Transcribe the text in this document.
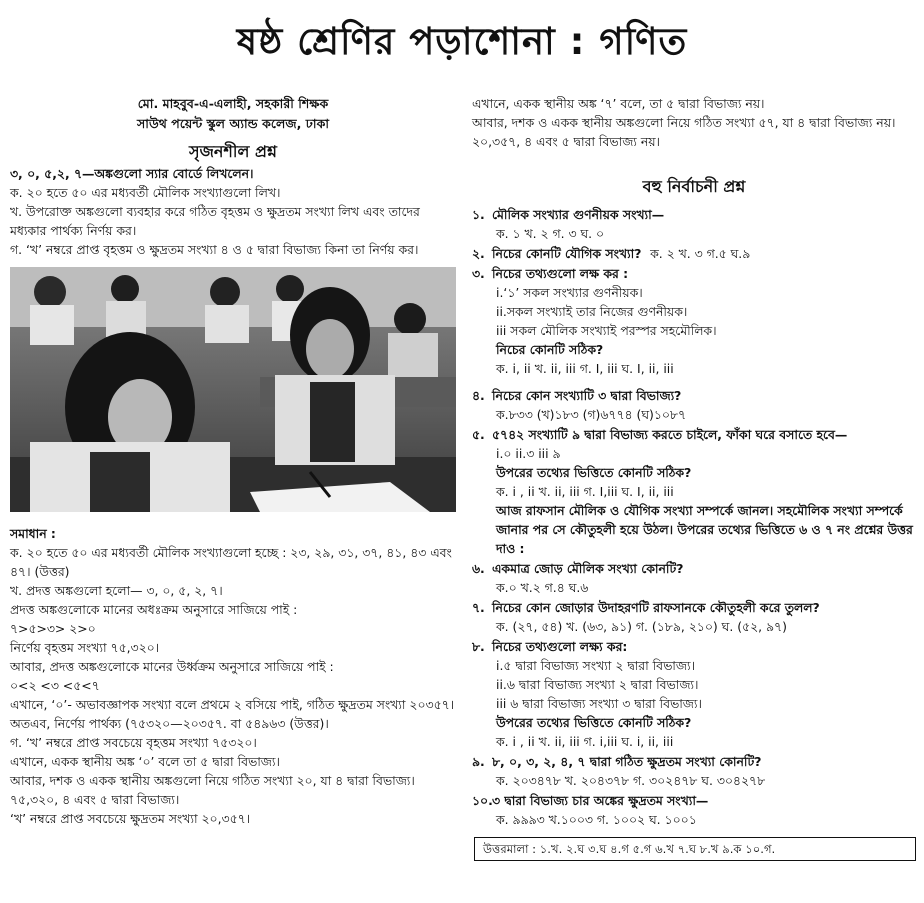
ষষ্ঠ শ্রেণির পড়াশোনা : গণিত
মো. মাহবুব-এ-এলাহী, সহকারী শিক্ষক
সাউথ পয়েন্ট স্কুল অ্যান্ড কলেজ, ঢাকা
সৃজনশীল প্রশ্ন
৩, ০, ৫,২, ৭—অঙ্কগুলো স্যার বোর্ডে লিখলেন।
ক. ২০ হতে ৫০ এর মধ্যবর্তী মৌলিক সংখ্যাগুলো লিখ।
খ. উপরোক্ত অঙ্কগুলো ব্যবহার করে গঠিত বৃহত্তম ও ক্ষুদ্রতম সংখ্যা লিখ এবং তাদের মধ্যকার পার্থক্য নির্ণয় কর।
গ. ‘খ’ নম্বরে প্রাপ্ত বৃহত্তম ও ক্ষুদ্রতম সংখ্যা ৪ ও ৫ দ্বারা বিভাজ্য কিনা তা নির্ণয় কর।
সমাধান :
ক. ২০ হতে ৫০ এর মধ্যবর্তী মৌলিক সংখ্যাগুলো হচ্ছে : ২৩, ২৯, ৩১, ৩৭, ৪১, ৪৩ এবং ৪৭। (উত্তর)
খ. প্রদত্ত অঙ্কগুলো হলো— ৩, ০, ৫, ২, ৭।
প্রদত্ত অঙ্কগুলোকে মানের অধঃক্রম অনুসারে সাজিয়ে পাই :
৭>৫>৩> ২>০
নির্ণেয় বৃহত্তম সংখ্যা ৭৫,৩২০।
আবার, প্রদত্ত অঙ্কগুলোকে মানের উর্ধ্বক্রম অনুসারে সাজিয়ে পাই :
০<২ <৩ <৫<৭
এখানে, ‘০’- অভাবজ্ঞাপক সংখ্যা বলে প্রথমে ২ বসিয়ে পাই, গঠিত ক্ষুদ্রতম সংখ্যা ২০৩৫৭।
অতএব, নির্ণেয় পার্থক্য (৭৫৩২০—২০৩৫৭. বা ৫৪৯৬৩ (উত্তর)।
গ. ‘খ’ নম্বরে প্রাপ্ত সবচেয়ে বৃহত্তম সংখ্যা ৭৫৩২০।
এখানে, একক স্থানীয় অঙ্ক ‘০’ বলে তা ৫ দ্বারা বিভাজ্য।
আবার, দশক ও একক স্থানীয় অঙ্কগুলো নিয়ে গঠিত সংখ্যা ২০, যা ৪ দ্বারা বিভাজ্য। ৭৫,৩২০, ৪ এবং ৫ দ্বারা বিভাজ্য।
‘খ’ নম্বরে প্রাপ্ত সবচেয়ে ক্ষুদ্রতম সংখ্যা ২০,৩৫৭।
এখানে, একক স্থানীয় অঙ্ক ‘৭’ বলে, তা ৫ দ্বারা বিভাজ্য নয়।
আবার, দশক ও একক স্থানীয় অঙ্কগুলো নিয়ে গঠিত সংখ্যা ৫৭, যা ৪ দ্বারা বিভাজ্য নয়।
২০,৩৫৭, ৪ এবং ৫ দ্বারা বিভাজ্য নয়।
বহু নির্বাচনী প্রশ্ন
১. মৌলিক সংখ্যার গুণনীয়ক সংখ্যা—
ক. ১ খ. ২ গ. ৩ ঘ. ০
২. নিচের কোনটি যৌগিক সংখ্যা?
ক. ২ খ. ৩ গ.৫ ঘ.৯
৩. নিচের তথ্যগুলো লক্ষ কর :
i.‘১’ সকল সংখ্যার গুণনীয়ক।
ii.সকল সংখ্যাই তার নিজের গুণনীয়ক।
iii সকল মৌলিক সংখ্যাই পরস্পর সহমৌলিক।
নিচের কোনটি সঠিক?
ক. i, ii খ. ii, iii গ. I, iii ঘ. I, ii, iii
৪. নিচের কোন সংখ্যাটি ৩ দ্বারা বিভাজ্য?
ক.৮৩৩ (খ)১৮৩ (গ)৬৭৭৪ (ঘ)১০৮৭
৫. ৫৭৪২ সংখ্যাটি ৯ দ্বারা বিভাজ্য করতে চাইলে, ফাঁকা ঘরে বসাতে হবে—
i.০ ii.৩ iii ৯
উপরের তথ্যের ভিত্তিতে কোনটি সঠিক?
ক. i , ii খ. ii, iii গ. I,iii ঘ. I, ii, iii
আজ রাফসান মৌলিক ও যৌগিক সংখ্যা সম্পর্কে জানল। সহমৌলিক সংখ্যা সম্পর্কে জানার পর সে কৌতুহলী হয়ে উঠল। উপরের তথ্যের ভিত্তিতে ৬ ও ৭ নং প্রশ্নের উত্তর দাও :
৬. একমাত্র জোড় মৌলিক সংখ্যা কোনটি?
ক.০ খ.২ গ.৪ ঘ.৬
৭. নিচের কোন জোড়ার উদাহরণটি রাফসানকে কৌতুহলী করে তুলল?
ক. (২৭, ৫৪) খ. (৬৩, ৯১) গ. (১৮৯, ২১০) ঘ. (৫২, ৯৭)
৮. নিচের তথ্যগুলো লক্ষ্য কর:
i.৫ দ্বারা বিভাজ্য সংখ্যা ২ দ্বারা বিভাজ্য।
ii.৬ দ্বারা বিভাজ্য সংখ্যা ২ দ্বারা বিভাজ্য।
iii ৬ দ্বারা বিভাজ্য সংখ্যা ৩ দ্বারা বিভাজ্য।
উপরের তথ্যের ভিত্তিতে কোনটি সঠিক?
ক. i , ii খ. ii, iii গ. i,iii ঘ. i, ii, iii
৯. ৮, ০, ৩, ২, ৪, ৭ দ্বারা গঠিত ক্ষুদ্রতম সংখ্যা কোনটি?
ক. ২০৩৪৭৮ খ. ২০৪৩৭৮ গ. ৩০২৪৭৮ ঘ. ৩০৪২৭৮
১০. ৩ দ্বারা বিভাজ্য চার অঙ্কের ক্ষুদ্রতম সংখ্যা—
ক. ৯৯৯৩ খ.১০০৩ গ. ১০০২ ঘ. ১০০১
উত্তরমালা : ১.খ. ২.ঘ ৩.ঘ ৪.গ ৫.গ ৬.খ ৭.ঘ ৮.খ ৯.ক ১০.গ.
